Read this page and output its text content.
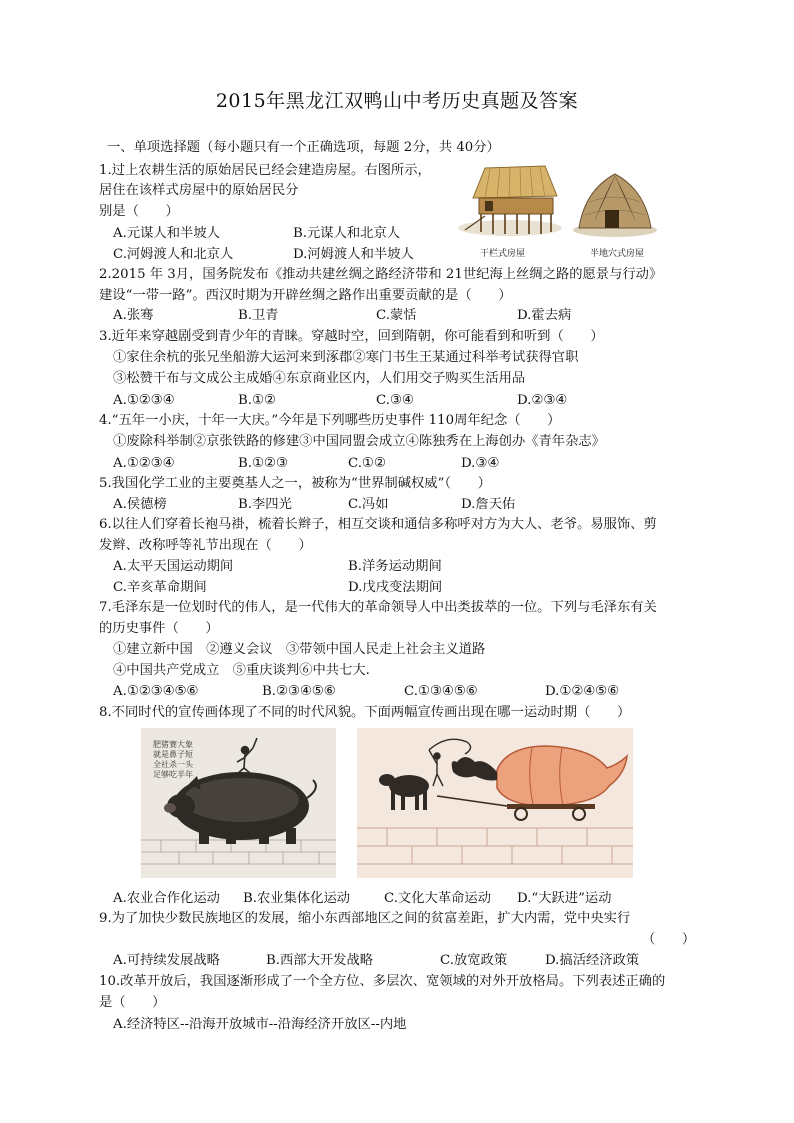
2015年黑龙江双鸭山中考历史真题及答案
一、单项选择题（每小题只有一个正确选项，每题 2分，共 40分）
1.过上农耕生活的原始居民已经会建造房屋。右图所示，
居住在该样式房屋中的原始居民分
别是（　　）
A.元谋人和半坡人	B.元谋人和北京人
C.河姆渡人和北京人	D.河姆渡人和半坡人	干栏式房屋	半地穴式房屋
2.2015 年 3月，国务院发布《推动共建丝绸之路经济带和 21世纪海上丝绸之路的愿景与行动》
建设“一带一路”。西汉时期为开辟丝绸之路作出重要贡献的是（　　）
A.张骞	B.卫青	C.蒙恬	D.霍去病
3.近年来穿越剧受到青少年的青睐。穿越时空，回到隋朝，你可能看到和听到（　　）
①家住余杭的张兄坐船游大运河来到涿郡②寒门书生王某通过科举考试获得官职
③松赞干布与文成公主成婚④东京商业区内，人们用交子购买生活用品
A.①②③④	B.①②	C.③④	D.②③④
4.“五年一小庆，十年一大庆。”今年是下列哪些历史事件 110周年纪念（　　）
①废除科举制②京张铁路的修建③中国同盟会成立④陈独秀在上海创办《青年杂志》
A.①②③④	B.①②③	C.①②	D.③④
5.我国化学工业的主要奠基人之一，被称为“世界制碱权威”（　　）
A.侯德榜	B.李四光	C.冯如	D.詹天佑
6.以往人们穿着长袍马褂，梳着长辫子，相互交谈和通信多称呼对方为大人、老爷。易服饰、剪
发辫、改称呼等礼节出现在（　　）
A.太平天国运动期间	B.洋务运动期间
C.辛亥革命期间	D.戊戌变法期间
7.毛泽东是一位划时代的伟人，是一代伟大的革命领导人中出类拔萃的一位。下列与毛泽东有关
的历史事件（　　）
①建立新中国　②遵义会议　③带领中国人民走上社会主义道路
④中国共产党成立　⑤重庆谈判⑥中共七大.
A.①②③④⑤⑥	B.②③④⑤⑥	C.①③④⑤⑥	D.①②④⑤⑥
8.不同时代的宣传画体现了不同的时代风貌。下面两幅宣传画出现在哪一运动时期（　　）
肥猪赛大象
就是鼻子短
全社杀一头
足够吃半年
A.农业合作化运动 B.农业集体化运动	C.文化大革命运动 D.“大跃进”运动
9.为了加快少数民族地区的发展，缩小东西部地区之间的贫富差距，扩大内需，党中央实行
（　　）
A.可持续发展战略	B.西部大开发战略	C.放宽政策	D.搞活经济政策
10.改革开放后，我国逐渐形成了一个全方位、多层次、宽领域的对外开放格局。下列表述正确的
是（　　）
A.经济特区--沿海开放城市--沿海经济开放区--内地
